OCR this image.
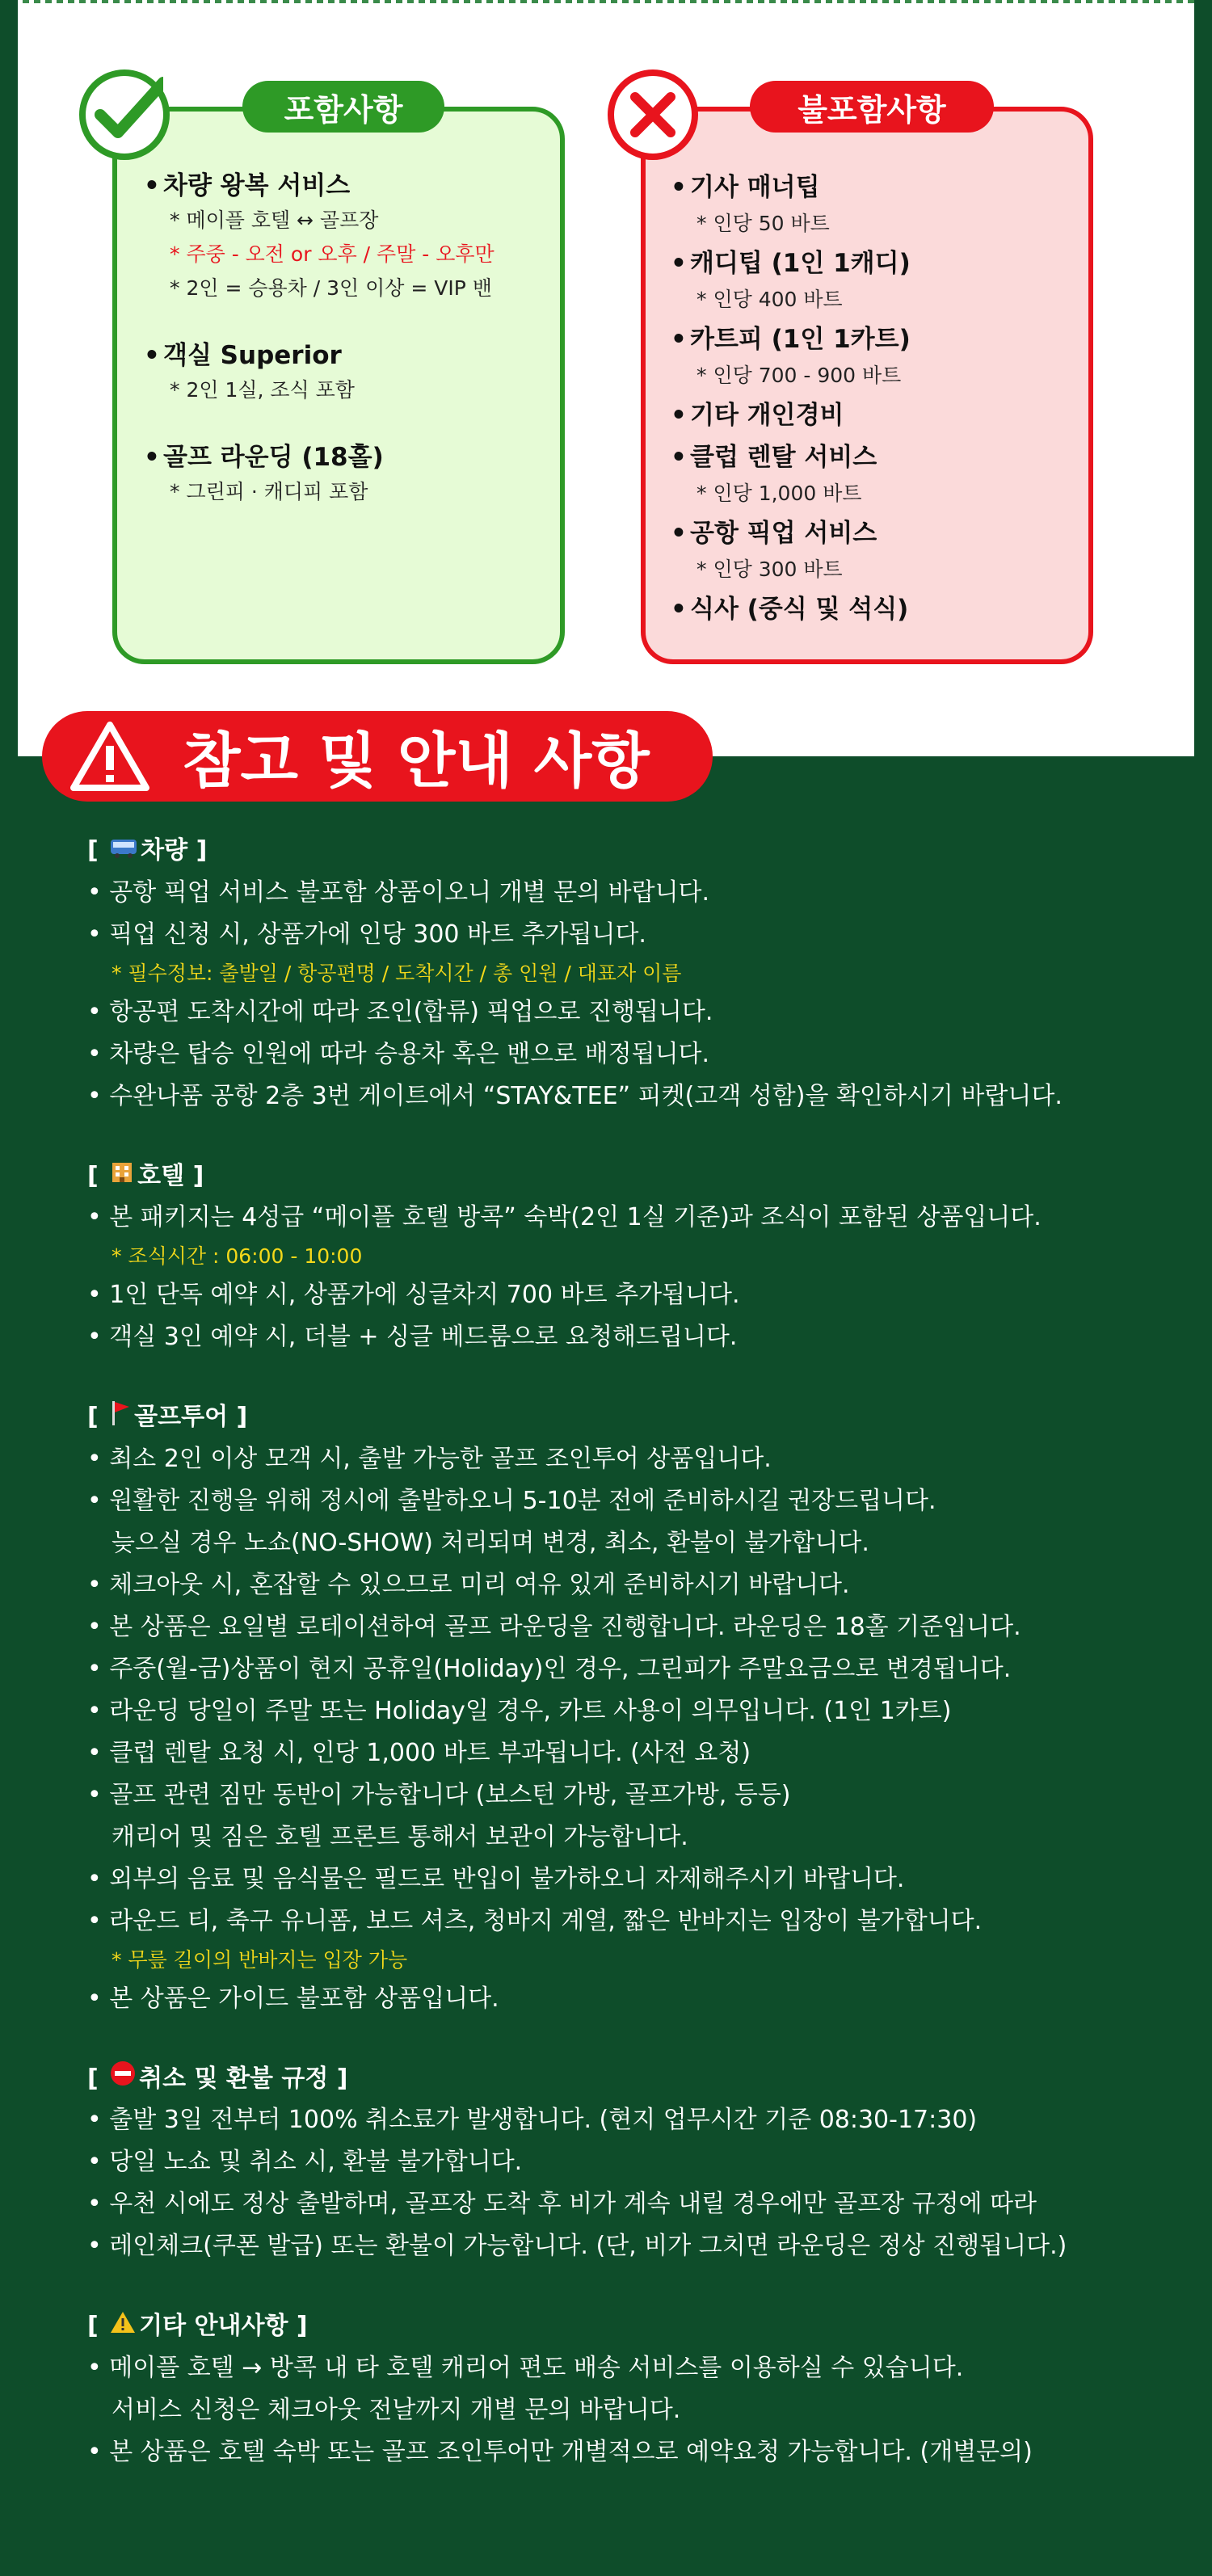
포함사항
• 차량 왕복 서비스
* 메이플 호텔 ↔ 골프장
* 주중 - 오전 or 오후 / 주말 - 오후만
* 2인 = 승용차 / 3인 이상 = VIP 밴
• 객실 Superior
* 2인 1실, 조식 포함
• 골프 라운딩 (18홀)
* 그린피 · 캐디피 포함
불포함사항
• 기사 매너팁
* 인당 50 바트
• 캐디팁 (1인 1캐디)
* 인당 400 바트
• 카트피 (1인 1카트)
* 인당 700 - 900 바트
• 기타 개인경비
• 클럽 렌탈 서비스
* 인당 1,000 바트
• 공항 픽업 서비스
* 인당 300 바트
• 식사 (중식 및 석식)
참고 및 안내 사항
[ 차량 ]
• 공항 픽업 서비스 불포함 상품이오니 개별 문의 바랍니다.
• 픽업 신청 시, 상품가에 인당 300 바트 추가됩니다.
* 필수정보: 출발일 / 항공편명 / 도착시간 / 총 인원 / 대표자 이름
• 항공편 도착시간에 따라 조인(합류) 픽업으로 진행됩니다.
• 차량은 탑승 인원에 따라 승용차 혹은 밴으로 배정됩니다.
• 수완나품 공항 2층 3번 게이트에서 “STAY&TEE” 피켓(고객 성함)을 확인하시기 바랍니다.
[ 호텔 ]
• 본 패키지는 4성급 “메이플 호텔 방콕” 숙박(2인 1실 기준)과 조식이 포함된 상품입니다.
* 조식시간 : 06:00 - 10:00
• 1인 단독 예약 시, 상품가에 싱글차지 700 바트 추가됩니다.
• 객실 3인 예약 시, 더블 + 싱글 베드룸으로 요청해드립니다.
[ 골프투어 ]
• 최소 2인 이상 모객 시, 출발 가능한 골프 조인투어 상품입니다.
• 원활한 진행을 위해 정시에 출발하오니 5-10분 전에 준비하시길 권장드립니다.
늦으실 경우 노쇼(NO-SHOW) 처리되며 변경, 최소, 환불이 불가합니다.
• 체크아웃 시, 혼잡할 수 있으므로 미리 여유 있게 준비하시기 바랍니다.
• 본 상품은 요일별 로테이션하여 골프 라운딩을 진행합니다. 라운딩은 18홀 기준입니다.
• 주중(월-금)상품이 현지 공휴일(Holiday)인 경우, 그린피가 주말요금으로 변경됩니다.
• 라운딩 당일이 주말 또는 Holiday일 경우, 카트 사용이 의무입니다. (1인 1카트)
• 클럽 렌탈 요청 시, 인당 1,000 바트 부과됩니다. (사전 요청)
• 골프 관련 짐만 동반이 가능합니다 (보스턴 가방, 골프가방, 등등)
캐리어 및 짐은 호텔 프론트 통해서 보관이 가능합니다.
• 외부의 음료 및 음식물은 필드로 반입이 불가하오니 자제해주시기 바랍니다.
• 라운드 티, 축구 유니폼, 보드 셔츠, 청바지 계열, 짧은 반바지는 입장이 불가합니다.
* 무릎 길이의 반바지는 입장 가능
• 본 상품은 가이드 불포함 상품입니다.
[ 취소 및 환불 규정 ]
• 출발 3일 전부터 100% 취소료가 발생합니다. (현지 업무시간 기준 08:30-17:30)
• 당일 노쇼 및 취소 시, 환불 불가합니다.
• 우천 시에도 정상 출발하며, 골프장 도착 후 비가 계속 내릴 경우에만 골프장 규정에 따라
• 레인체크(쿠폰 발급) 또는 환불이 가능합니다. (단, 비가 그치면 라운딩은 정상 진행됩니다.)
[ 기타 안내사항 ]
• 메이플 호텔 → 방콕 내 타 호텔 캐리어 편도 배송 서비스를 이용하실 수 있습니다.
서비스 신청은 체크아웃 전날까지 개별 문의 바랍니다.
• 본 상품은 호텔 숙박 또는 골프 조인투어만 개별적으로 예약요청 가능합니다. (개별문의)
